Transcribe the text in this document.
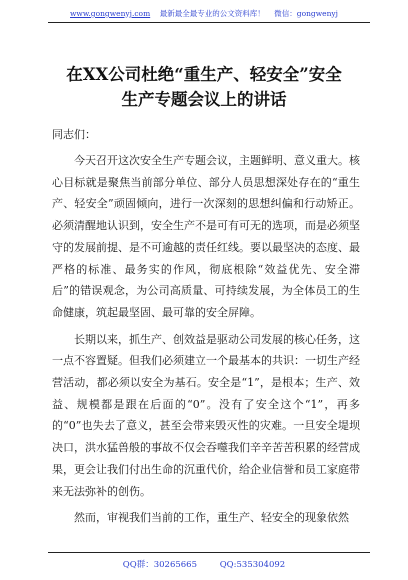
www.gongwenyj.com 最新最全最专业的公文资料库！ 微信：gongwenyj
在XX公司杜绝“重生产、轻安全”安全
生产专题会议上的讲话
同志们：

今天召开这次安全生产专题会议，主题鲜明、意义重大。核心目标就是聚焦当前部分单位、部分人员思想深处存在的“重生产、轻安全”顽固倾向，进行一次深刻的思想纠偏和行动矫正。必须清醒地认识到，安全生产不是可有可无的选项，而是必须坚守的发展前提、是不可逾越的责任红线。要以最坚决的态度、最严格的标准、最务实的作风，彻底根除“效益优先、安全滞后”的错误观念，为公司高质量、可持续发展，为全体员工的生命健康，筑起最坚固、最可靠的安全屏障。

长期以来，抓生产、创效益是驱动公司发展的核心任务，这一点不容置疑。但我们必须建立一个最基本的共识：一切生产经营活动，都必须以安全为基石。安全是“1”，是根本；生产、效益、规模都是跟在后面的“0”。没有了安全这个“1”，再多的“0”也失去了意义，甚至会带来毁灭性的灾难。一旦安全堤坝决口，洪水猛兽般的事故不仅会吞噬我们辛辛苦苦积累的经营成果，更会让我们付出生命的沉重代价，给企业信誉和员工家庭带来无法弥补的创伤。

然而，审视我们当前的工作，重生产、轻安全的现象依然

QQ群：30265665	QQ:535304092
